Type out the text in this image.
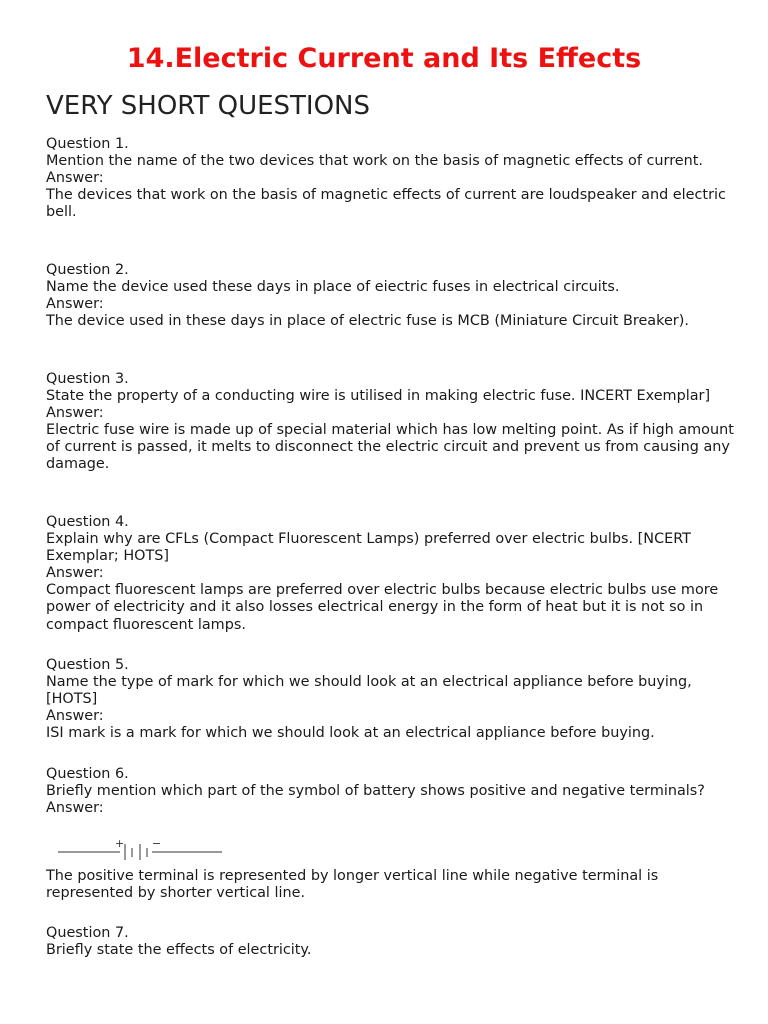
14.Electric Current and Its Effects
VERY SHORT QUESTIONS
Question 1.
Mention the name of the two devices that work on the basis of magnetic effects of current.
Answer:
The devices that work on the basis of magnetic effects of current are loudspeaker and electric bell.
Question 2.
Name the device used these days in place of eiectric fuses in electrical circuits.
Answer:
The device used in these days in place of electric fuse is MCB (Miniature Circuit Breaker).
Question 3.
State the property of a conducting wire is utilised in making electric fuse. INCERT Exemplar]
Answer:
Electric fuse wire is made up of special material which has low melting point. As if high amount of current is passed, it melts to disconnect the electric circuit and prevent us from causing any damage.
Question 4.
Explain why are CFLs (Compact Fluorescent Lamps) preferred over electric bulbs. [NCERT Exemplar; HOTS]
Answer:
Compact fluorescent lamps are preferred over electric bulbs because electric bulbs use more power of electricity and it also losses electrical energy in the form of heat but it is not so in compact fluorescent lamps.
Question 5.
Name the type of mark for which we should look at an electrical appliance before buying, [HOTS]
Answer:
ISI mark is a mark for which we should look at an electrical appliance before buying.
Question 6.
Briefly mention which part of the symbol of battery shows positive and negative terminals?
Answer:
+	−
The positive terminal is represented by longer vertical line while negative terminal is represented by shorter vertical line.
Question 7.
Briefly state the effects of electricity.
